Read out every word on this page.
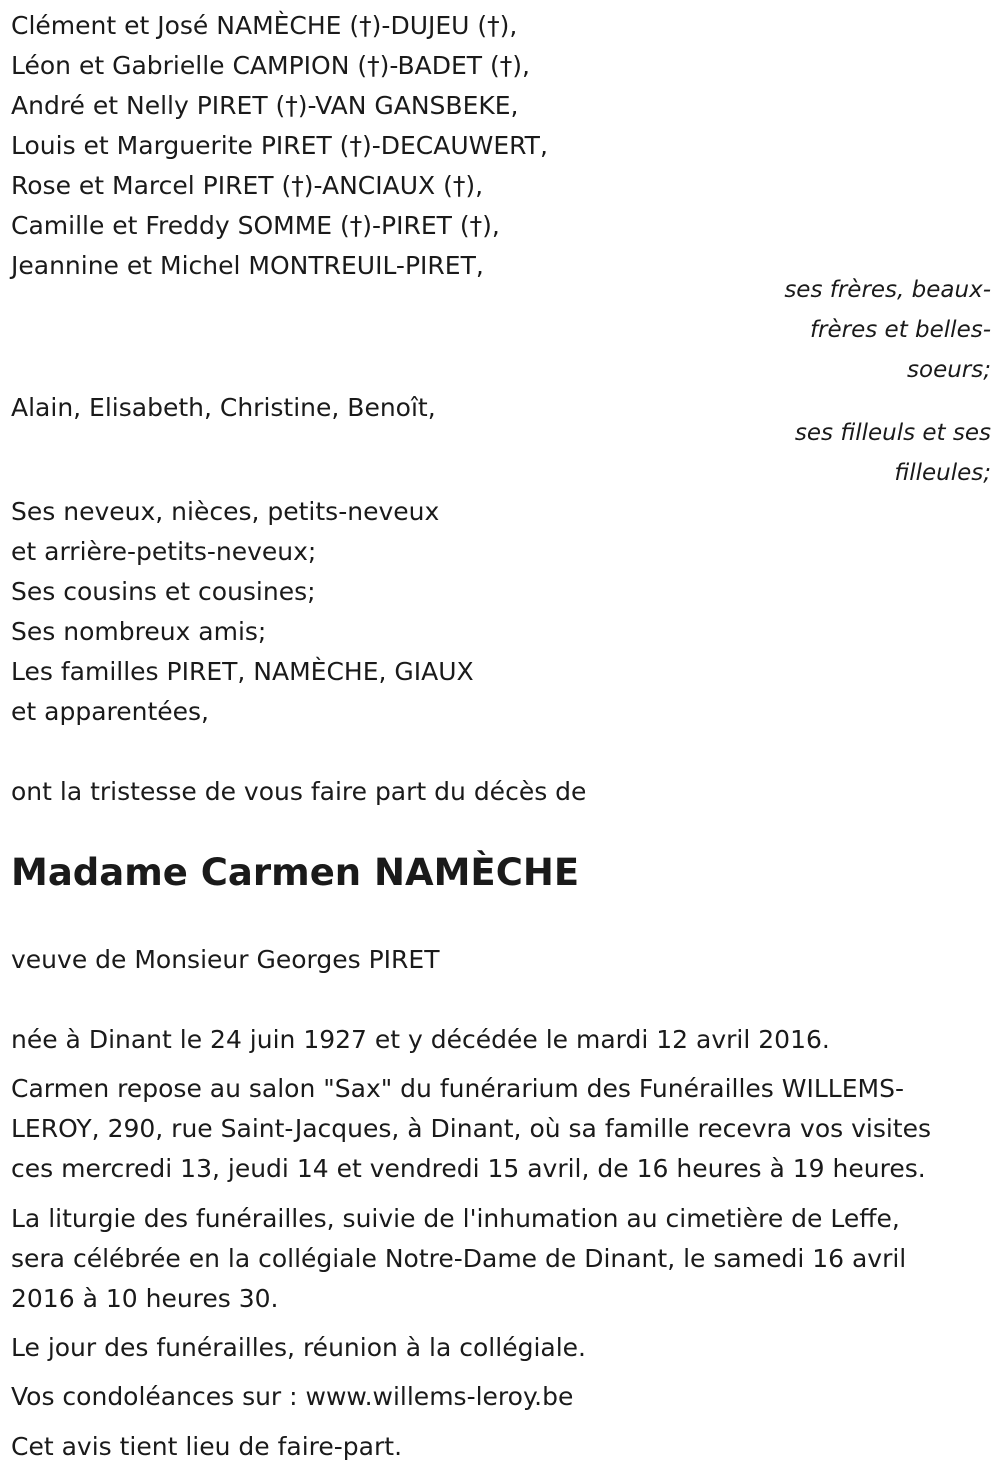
Clément et José NAMÈCHE (†)-DUJEU (†),

Léon et Gabrielle CAMPION (†)-BADET (†),

André et Nelly PIRET (†)-VAN GANSBEKE,

Louis et Marguerite PIRET (†)-DECAUWERT,

Rose et Marcel PIRET (†)-ANCIAUX (†),

Camille et Freddy SOMME (†)-PIRET (†),

Jeannine et Michel MONTREUIL-PIRET,

ses frères, beaux-
frères et belles-
soeurs;

Alain, Elisabeth, Christine, Benoît,

ses filleuls et ses
filleules;

Ses neveux, nièces, petits-neveux

et arrière-petits-neveux;

Ses cousins et cousines;

Ses nombreux amis;

Les familles PIRET, NAMÈCHE, GIAUX

et apparentées,

ont la tristesse de vous faire part du décès de

Madame Carmen NAMÈCHE

veuve de Monsieur Georges PIRET

née à Dinant le 24 juin 1927 et y décédée le mardi 12 avril 2016.

Carmen repose au salon "Sax" du funérarium des Funérailles WILLEMS-

LEROY, 290, rue Saint-Jacques, à Dinant, où sa famille recevra vos visites

ces mercredi 13, jeudi 14 et vendredi 15 avril, de 16 heures à 19 heures.

La liturgie des funérailles, suivie de l'inhumation au cimetière de Leffe,

sera célébrée en la collégiale Notre-Dame de Dinant, le samedi 16 avril

2016 à 10 heures 30.

Le jour des funérailles, réunion à la collégiale.

Vos condoléances sur : www.willems-leroy.be

Cet avis tient lieu de faire-part.
